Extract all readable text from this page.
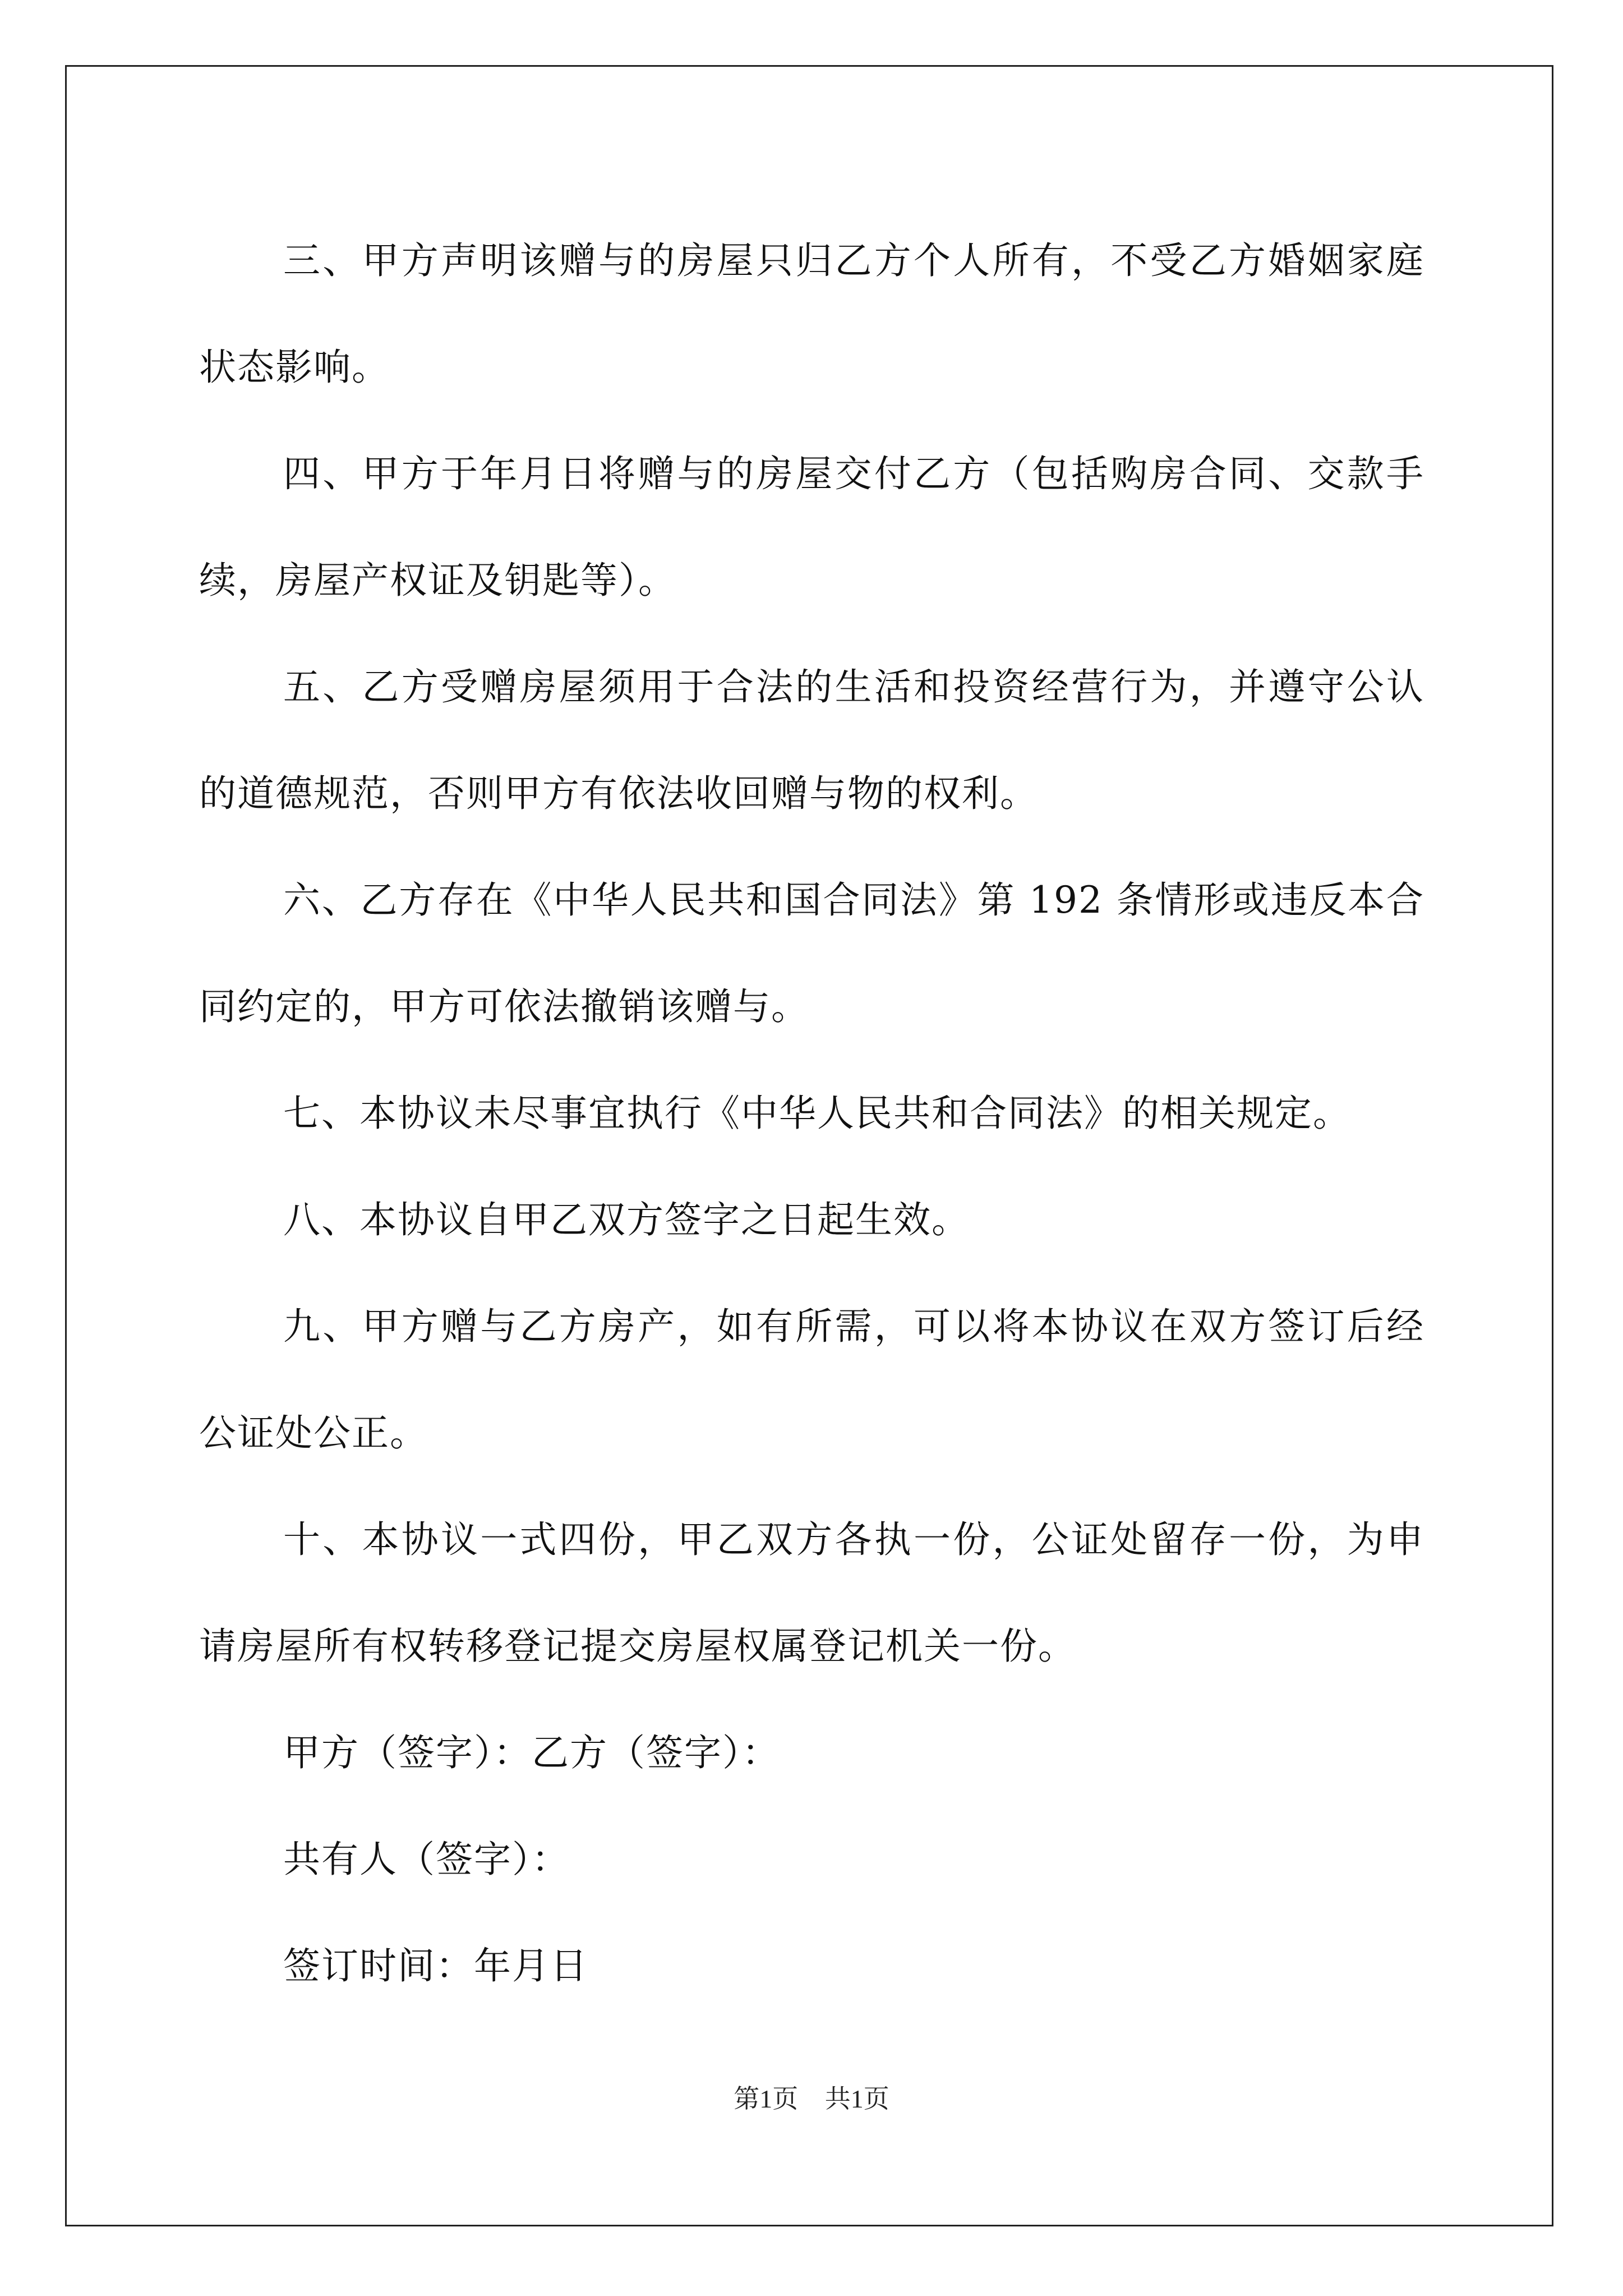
三、甲方声明该赠与的房屋只归乙方个人所有，不受乙方婚姻家庭状态影响。

四、甲方于年月日将赠与的房屋交付乙方（包括购房合同、交款手续，房屋产权证及钥匙等）。

五、乙方受赠房屋须用于合法的生活和投资经营行为，并遵守公认的道德规范，否则甲方有依法收回赠与物的权利。

六、乙方存在《中华人民共和国合同法》第 192 条情形或违反本合同约定的，甲方可依法撤销该赠与。

七、本协议未尽事宜执行《中华人民共和合同法》的相关规定。

八、本协议自甲乙双方签字之日起生效。

九、甲方赠与乙方房产，如有所需，可以将本协议在双方签订后经公证处公正。

十、本协议一式四份，甲乙双方各执一份，公证处留存一份，为申请房屋所有权转移登记提交房屋权属登记机关一份。

甲方（签字）：乙方（签字）：

共有人（签字）：

签订时间：年月日

第1页 共1页
